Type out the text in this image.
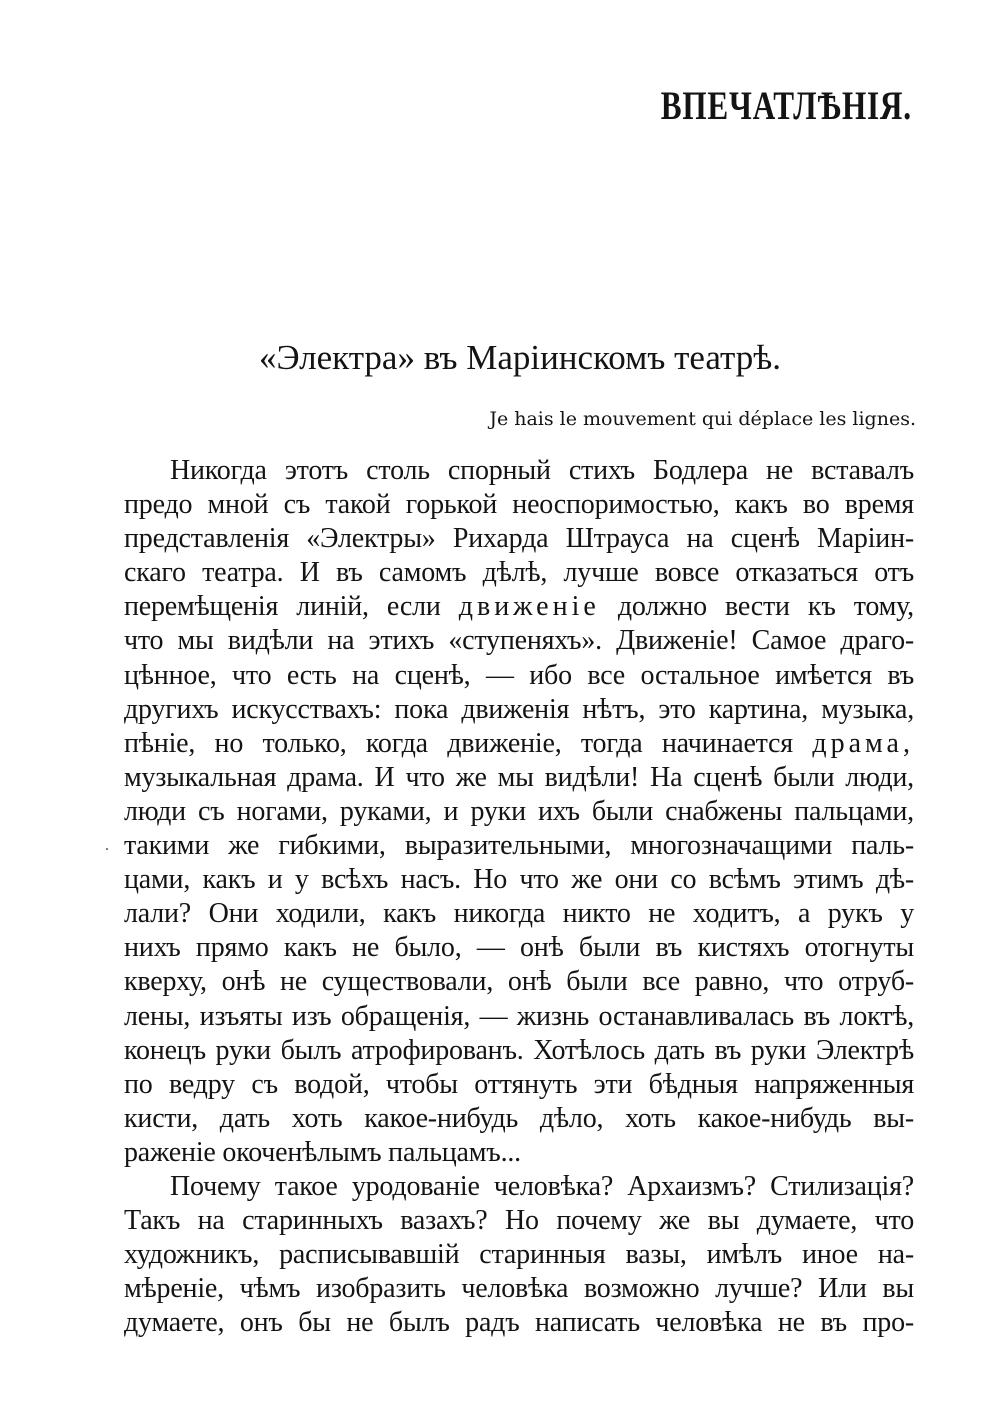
ВПЕЧАТЛѢНІЯ.
«Электра» въ Маріинскомъ театрѣ.
Je hais le mouvement qui déplace les lignes.
Никогда этотъ столь спорный стихъ Бодлера не вставалъ
предо мной съ такой горькой неоспоримостью, какъ во время
представленія «Электры» Рихарда Штрауса на сценѣ Маріин-
скаго театра. И въ самомъ дѣлѣ, лучше вовсе отказаться отъ
перемѣщенія линій, если движеніе должно вести къ тому,
что мы видѣли на этихъ «ступеняхъ». Движеніе! Самое драго-
цѣнное, что есть на сценѣ, — ибо все остальное имѣется въ
другихъ искусствахъ: пока движенія нѣтъ, это картина, музыка,
пѣніе, но только, когда движеніе, тогда начинается драма,
музыкальная драма. И что же мы видѣли! На сценѣ были люди,
люди съ ногами, руками, и руки ихъ были снабжены пальцами,
такими же гибкими, выразительными, многозначащими паль-
цами, какъ и у всѣхъ насъ. Но что же они со всѣмъ этимъ дѣ-
лали? Они ходили, какъ никогда никто не ходитъ, а рукъ у
нихъ прямо какъ не было, — онѣ были въ кистяхъ отогнуты
кверху, онѣ не существовали, онѣ были все равно, что отруб-
лены, изъяты изъ обращенія, — жизнь останавливалась въ локтѣ,
конецъ руки былъ атрофированъ. Хотѣлось дать въ руки Электрѣ
по ведру съ водой, чтобы оттянуть эти бѣдныя напряженныя
кисти, дать хоть какое-нибудь дѣло, хоть какое-нибудь вы-
раженіе окоченѣлымъ пальцамъ...
Почему такое уродованіе человѣка? Архаизмъ? Стилизація?
Такъ на старинныхъ вазахъ? Но почему же вы думаете, что
художникъ, расписывавшій старинныя вазы, имѣлъ иное на-
мѣреніе, чѣмъ изобразить человѣка возможно лучше? Или вы
думаете, онъ бы не былъ радъ написать человѣка не въ про-
